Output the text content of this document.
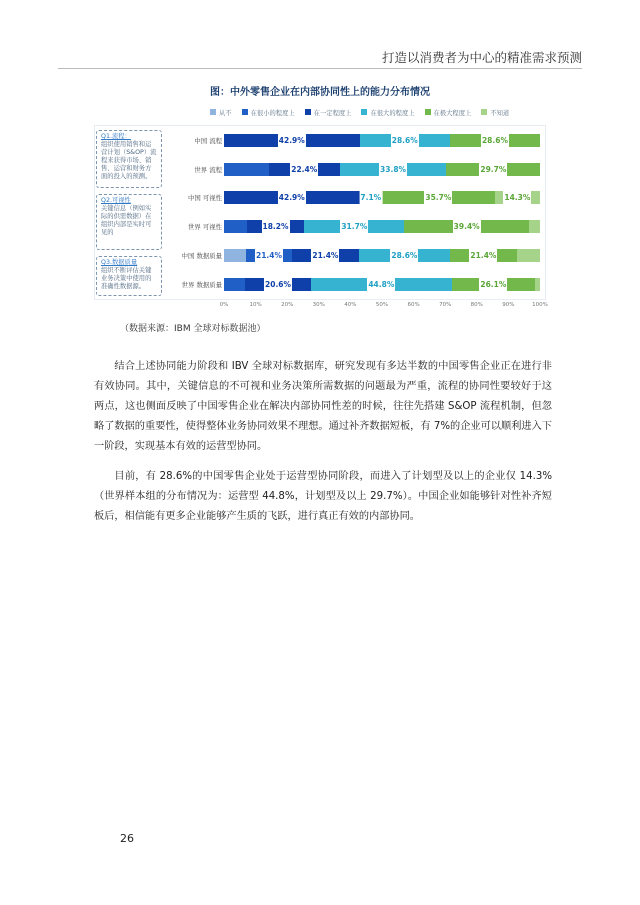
打造以消费者为中心的精准需求预测
图：中外零售企业在内部协同性上的能力分布情况
从不	在很小的程度上	在一定程度上	在很大的程度上	在极大程度上	不知道
Q1.流程：
组织使用销售和运营计划（S&OP）流程来获得市场、销售、运营和财务方面的投入的预测。
Q2.可视性
关键信息（例如实际的供需数据）在组织内部是实时可见的
Q3.数据质量
组织不断评估关键业务决策中使用的准确性数据源。
中国 流程	42.9%	28.6%	28.6%
世界 流程	22.4%	33.8%	29.7%
中国 可视性	42.9%	7.1%	35.7%	14.3%
世界 可视性	18.2%	31.7%	39.4%
中国 数据质量	21.4%	21.4%	28.6%	21.4%
世界 数据质量	20.6%	44.8%	26.1%
0%	10%	20%	30%	40%	50%	60%	70%	80%	90%	100%
（数据来源：IBM 全球对标数据池）
结合上述协同能力阶段和 IBV 全球对标数据库，研究发现有多达半数的中国零售企业正在进行非有效协同。其中，关键信息的不可视和业务决策所需数据的问题最为严重，流程的协同性要较好于这两点，这也侧面反映了中国零售企业在解决内部协同性差的时候，往往先搭建 S&OP 流程机制，但忽略了数据的重要性，使得整体业务协同效果不理想。通过补齐数据短板，有 7%的企业可以顺利进入下一阶段，实现基本有效的运营型协同。
目前，有 28.6%的中国零售企业处于运营型协同阶段，而进入了计划型及以上的企业仅 14.3%（世界样本组的分布情况为：运营型 44.8%，计划型及以上 29.7%）。中国企业如能够针对性补齐短板后，相信能有更多企业能够产生质的飞跃，进行真正有效的内部协同。
26
